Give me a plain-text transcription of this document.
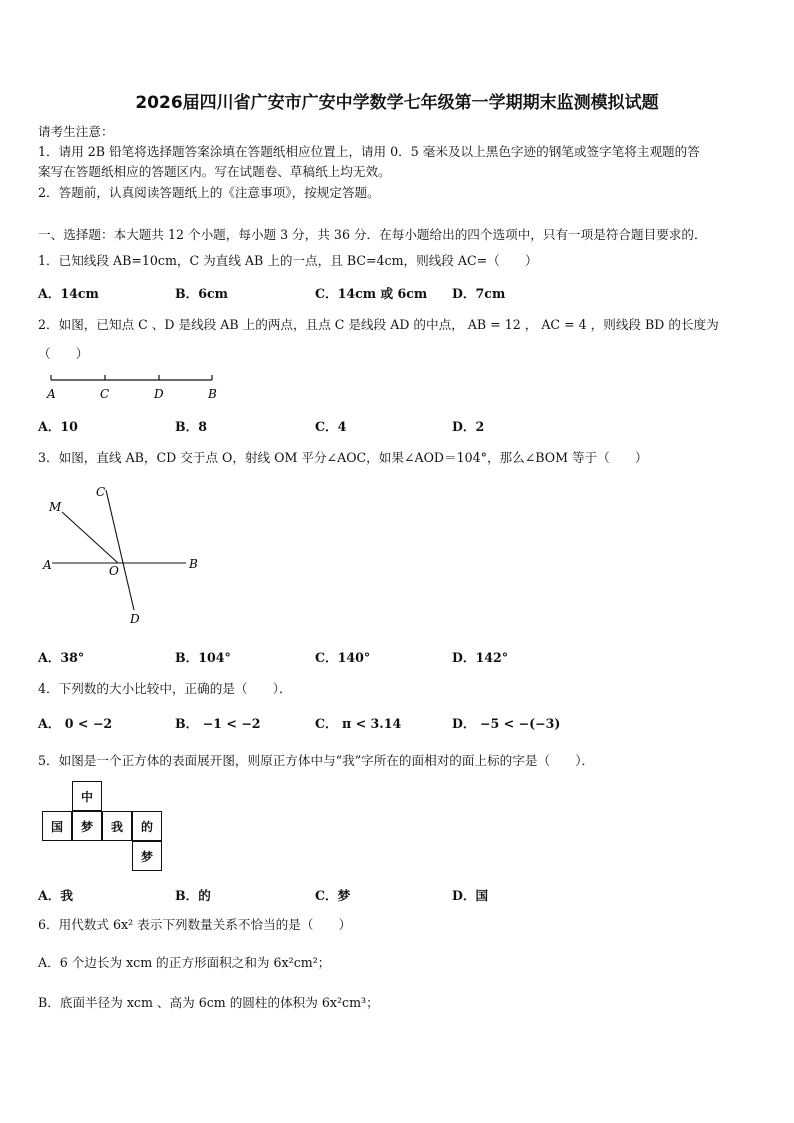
2026届四川省广安市广安中学数学七年级第一学期期末监测模拟试题
请考生注意：
1．请用 2B 铅笔将选择题答案涂填在答题纸相应位置上，请用 0．5 毫米及以上黑色字迹的钢笔或签字笔将主观题的答
案写在答题纸相应的答题区内。写在试题卷、草稿纸上均无效。
2．答题前，认真阅读答题纸上的《注意事项》，按规定答题。
一、选择题：本大题共 12 个小题，每小题 3 分，共 36 分．在每小题给出的四个选项中，只有一项是符合题目要求的．
1．已知线段 AB=10cm，C 为直线 AB 上的一点，且 BC=4cm，则线段 AC=（　　）
A．14cm	B．6cm	C．14cm 或 6cm D．7cm
2．如图，已知点 C 、D 是线段 AB 上的两点，且点 C 是线段 AD 的中点， AB = 12 ， AC = 4 ，则线段 BD 的长度为
（　　）
A	C	D	B
A．10	B．8	C．4	D．2
3．如图，直线 AB，CD 交于点 O，射线 OM 平分∠AOC，如果∠AOD＝104°，那么∠BOM 等于（　　）
C
M
A	O	B
D
A．38°	B．104°	C．140°	D．142°
4．下列数的大小比较中，正确的是（　　）．
A． 0 < −2	B． −1 < −2	C． π < 3.14	D． −5 < −(−3)
5．如图是一个正方体的表面展开图，则原正方体中与“我”字所在的面相对的面上标的字是（　　）．
中
国	梦	我	的
梦
A．我	B．的	C．梦	D．国
6．用代数式 6x² 表示下列数量关系不恰当的是（　　）
A．6 个边长为 xcm 的正方形面积之和为 6x²cm²；
B．底面半径为 xcm 、高为 6cm 的圆柱的体积为 6x²cm³；
